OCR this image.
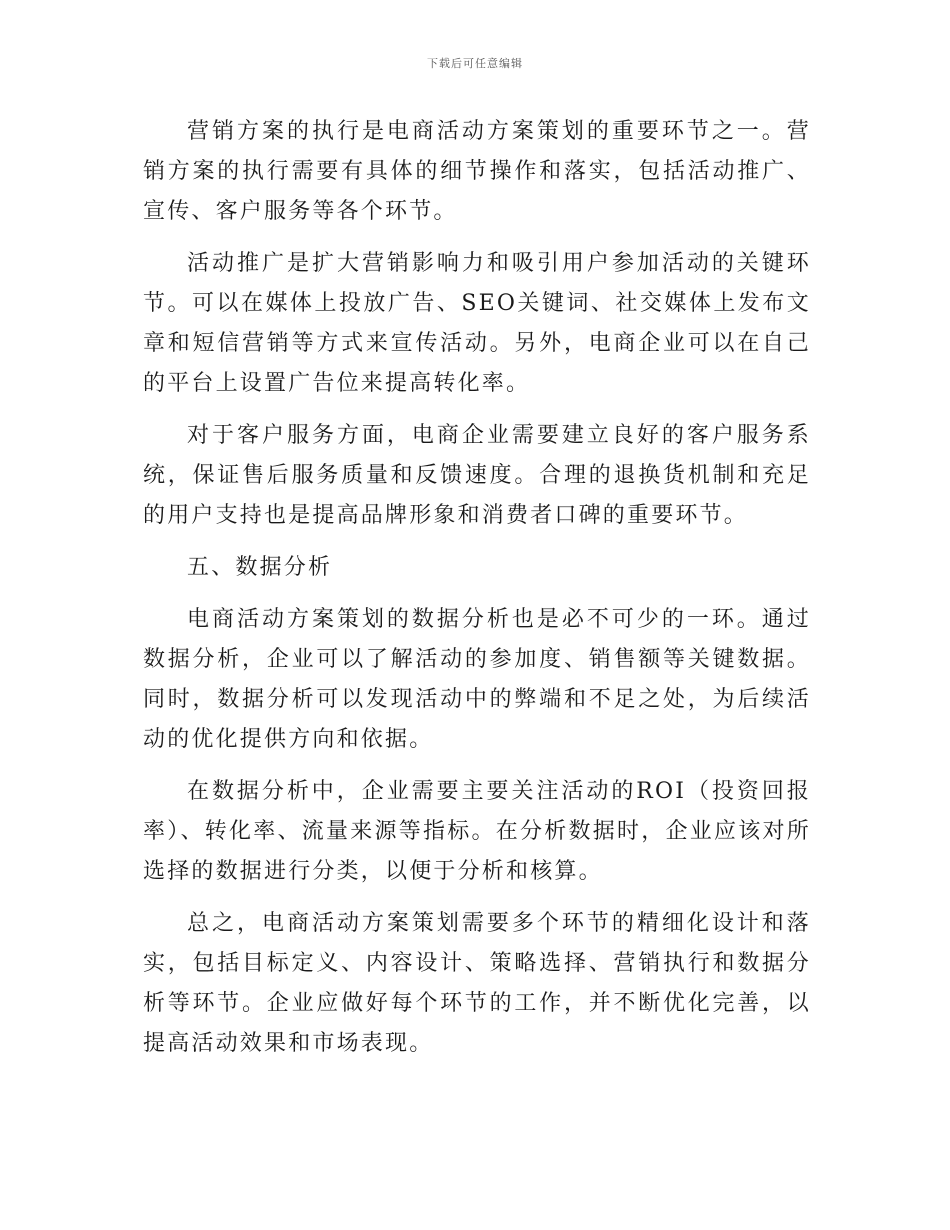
下载后可任意编辑

营销方案的执行是电商活动方案策划的重要环节之一。营销方案的执行需要有具体的细节操作和落实，包括活动推广、宣传、客户服务等各个环节。

活动推广是扩大营销影响力和吸引用户参加活动的关键环节。可以在媒体上投放广告、SEO关键词、社交媒体上发布文章和短信营销等方式来宣传活动。另外，电商企业可以在自己的平台上设置广告位来提高转化率。

对于客户服务方面，电商企业需要建立良好的客户服务系统，保证售后服务质量和反馈速度。合理的退换货机制和充足的用户支持也是提高品牌形象和消费者口碑的重要环节。

五、数据分析

电商活动方案策划的数据分析也是必不可少的一环。通过数据分析，企业可以了解活动的参加度、销售额等关键数据。同时，数据分析可以发现活动中的弊端和不足之处，为后续活动的优化提供方向和依据。

在数据分析中，企业需要主要关注活动的ROI（投资回报率）、转化率、流量来源等指标。在分析数据时，企业应该对所选择的数据进行分类，以便于分析和核算。

总之，电商活动方案策划需要多个环节的精细化设计和落实，包括目标定义、内容设计、策略选择、营销执行和数据分析等环节。企业应做好每个环节的工作，并不断优化完善，以提高活动效果和市场表现。
